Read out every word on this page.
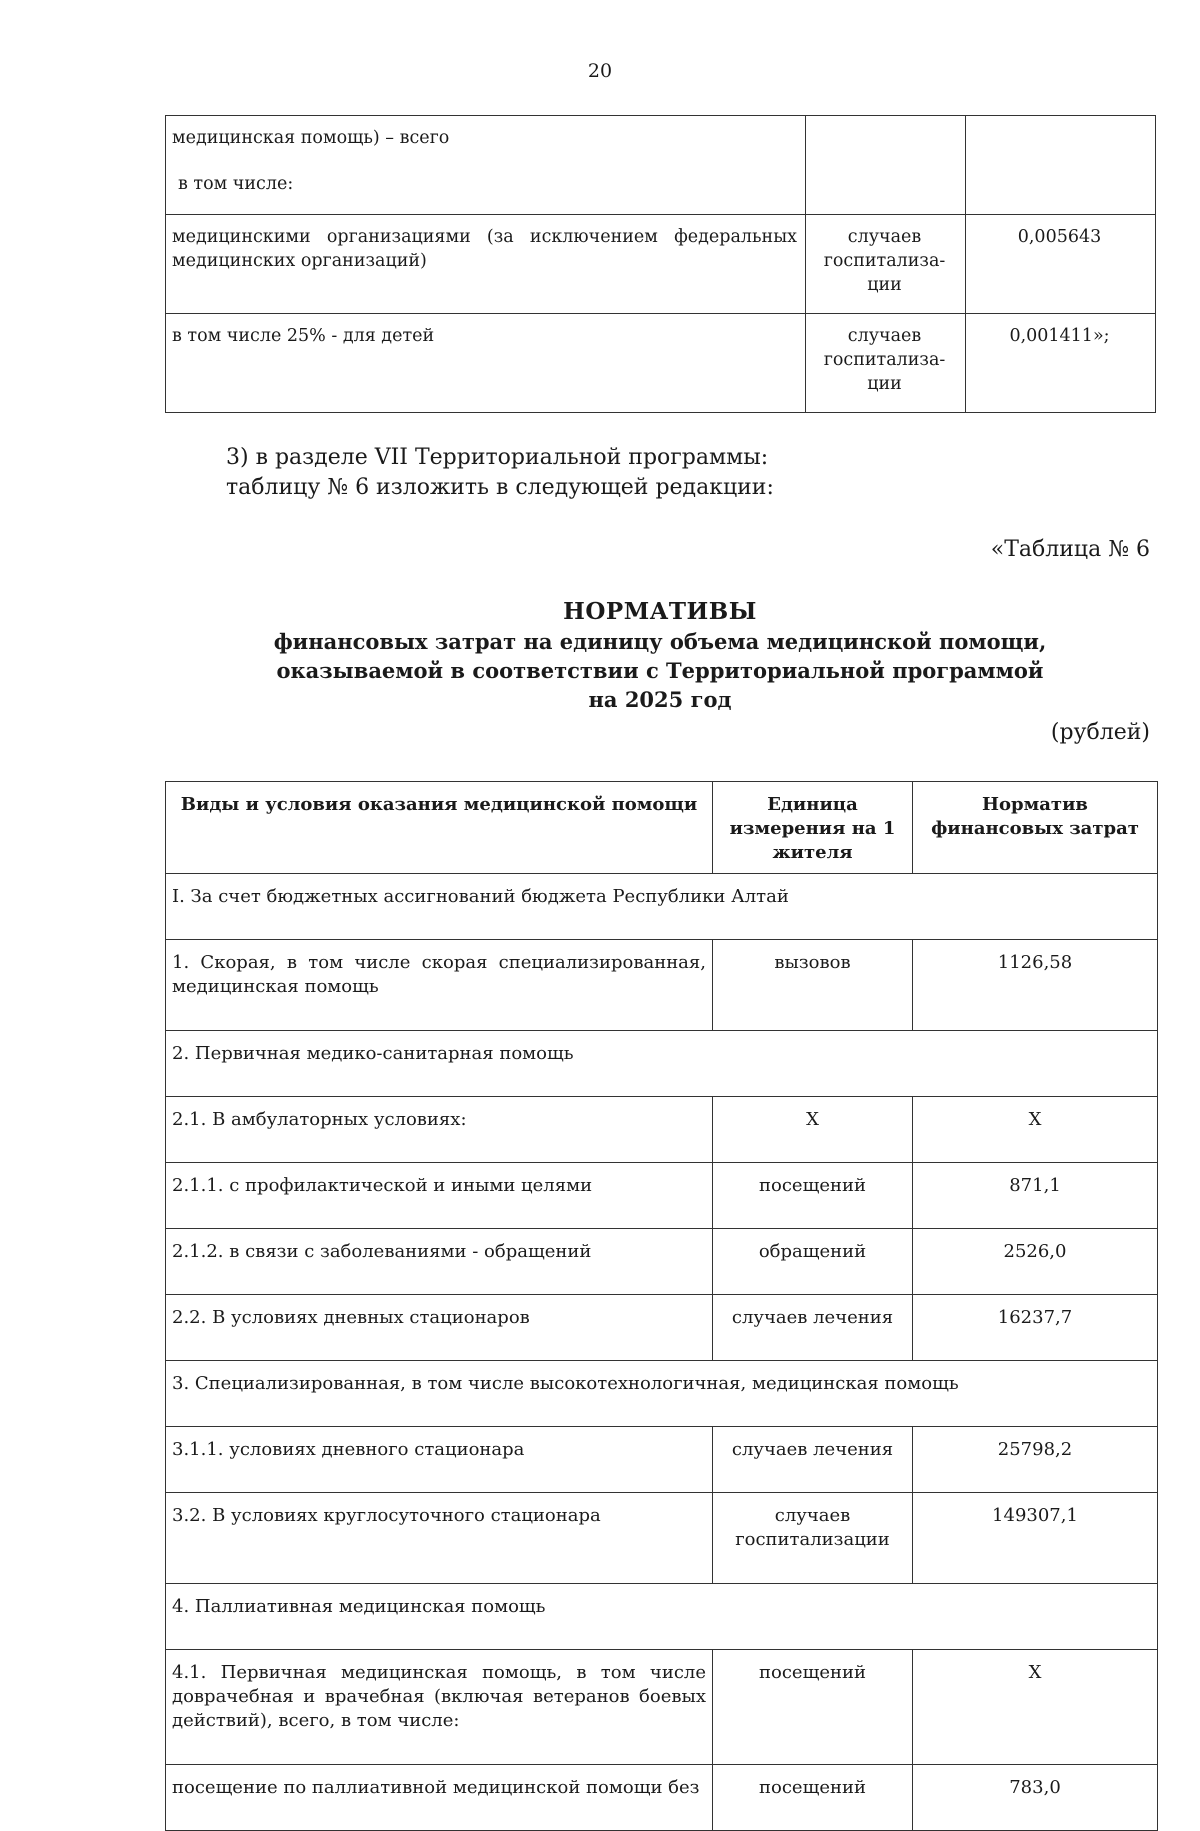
20
медицинская помощь) – всего
в том числе:		

медицинскими организациями (за исключением федеральных медицинских организаций)	случаев госпитализа-ции	0,005643
в том числе 25% - для детей	случаев госпитализа-ции	0,001411»;
3) в разделе VII Территориальной программы:
таблицу № 6 изложить в следующей редакции:
«Таблица № 6
НОРМАТИВЫ
финансовых затрат на единицу объема медицинской помощи,
оказываемой в соответствии с Территориальной программой
на 2025 год
(рублей)
Виды и условия оказания медицинской помощи	Единица измерения на 1 жителя	Норматив финансовых затрат
I. За счет бюджетных ассигнований бюджета Республики Алтай		
1. Скорая, в том числе скорая специализированная, медицинская помощь	вызовов	1126,58
2. Первичная медико-санитарная помощь		
2.1. В амбулаторных условиях:	Х	Х
2.1.1. с профилактической и иными целями	посещений	871,1
2.1.2. в связи с заболеваниями - обращений	обращений	2526,0
2.2. В условиях дневных стационаров	случаев лечения	16237,7
3. Специализированная, в том числе высокотехнологичная, медицинская помощь		
3.1.1. условиях дневного стационара	случаев лечения	25798,2
3.2. В условиях круглосуточного стационара	случаев госпитализации	149307,1
4. Паллиативная медицинская помощь		
4.1. Первичная медицинская помощь, в том числе доврачебная и врачебная (включая ветеранов боевых действий), всего, в том числе:	посещений	Х
посещение по паллиативной медицинской помощи без	посещений	783,0
